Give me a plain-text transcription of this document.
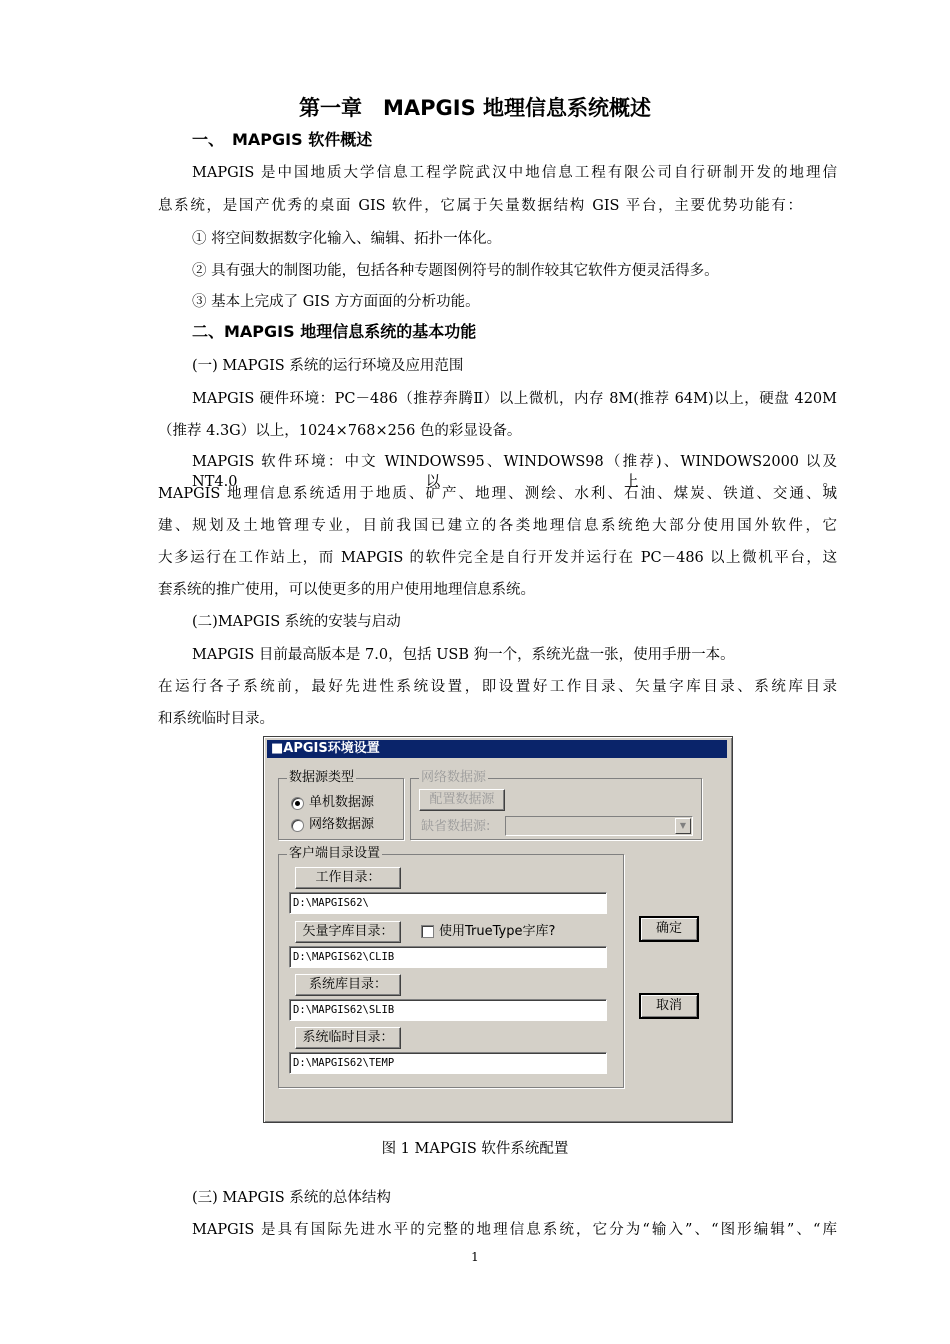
第一章　MAPGIS 地理信息系统概述
一、　MAPGIS 软件概述
MAPGIS 是中国地质大学信息工程学院武汉中地信息工程有限公司自行研制开发的地理信
息系统，是国产优秀的桌面 GIS 软件，它属于矢量数据结构 GIS 平台，主要优势功能有：
① 将空间数据数字化输入、编辑、拓扑一体化。
② 具有强大的制图功能，包括各种专题图例符号的制作较其它软件方便灵活得多。
③ 基本上完成了 GIS 方方面面的分析功能。
二、MAPGIS 地理信息系统的基本功能
(一) MAPGIS 系统的运行环境及应用范围
MAPGIS 硬件环境：PC－486（推荐奔腾Ⅱ）以上微机，内存 8M(推荐 64M)以上，硬盘 420M
（推荐 4.3G）以上，1024×768×256 色的彩显设备。
MAPGIS 软件环境：中文 WINDOWS95、WINDOWS98（推荐)、WINDOWS2000 以及 NT4.0 以上。
MAPGIS 地理信息系统适用于地质、矿产、地理、测绘、水利、石油、煤炭、铁道、交通、城
建、规划及土地管理专业，目前我国已建立的各类地理信息系统绝大部分使用国外软件，它
大多运行在工作站上，而 MAPGIS 的软件完全是自行开发并运行在 PC－486 以上微机平台，这
套系统的推广使用，可以使更多的用户使用地理信息系统。
(二)MAPGIS 系统的安装与启动
MAPGIS 目前最高版本是 7.0，包括 USB 狗一个，系统光盘一张，使用手册一本。
在运行各子系统前，最好先进性系统设置，即设置好工作目录、矢量字库目录、系统库目录
和系统临时目录。
■APGIS环境设置
数据源类型
单机数据源
网络数据源
网络数据源
配置数据源
缺省数据源:	▼
客户端目录设置
工作目录：
D:\MAPGIS62\
矢量字库目录：	使用TrueType字库?
D:\MAPGIS62\CLIB
系统库目录：
D:\MAPGIS62\SLIB
系统临时目录：
D:\MAPGIS62\TEMP
确定
取消
图 1 MAPGIS 软件系统配置
(三) MAPGIS 系统的总体结构
MAPGIS 是具有国际先进水平的完整的地理信息系统，它分为“输入”、“图形编辑”、“库
1
